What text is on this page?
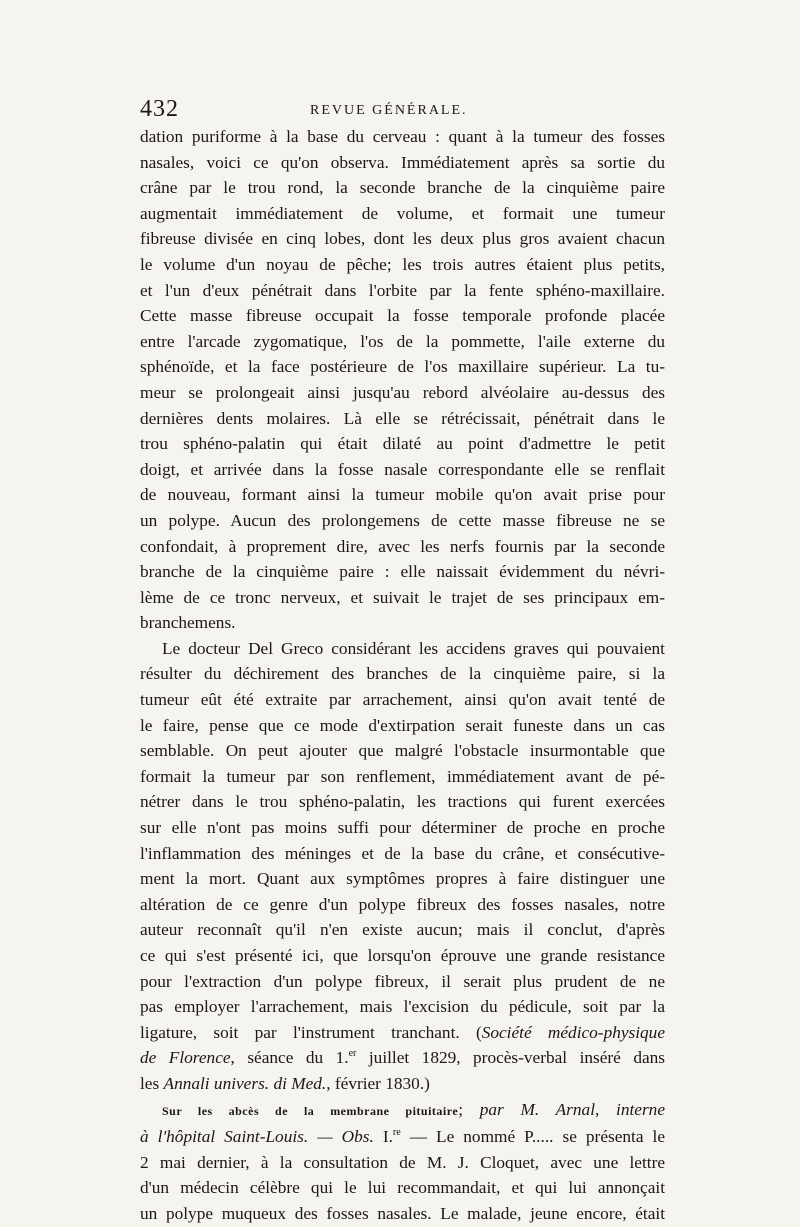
432	REVUE GÉNÉRALE.
dation puriforme à la base du cerveau : quant à la tumeur des fosses
nasales, voici ce qu'on observa. Immédiatement après sa sortie du
crâne par le trou rond, la seconde branche de la cinquième paire
augmentait immédiatement de volume, et formait une tumeur
fibreuse divisée en cinq lobes, dont les deux plus gros avaient chacun
le volume d'un noyau de pêche; les trois autres étaient plus petits,
et l'un d'eux pénétrait dans l'orbite par la fente sphéno-maxillaire.
Cette masse fibreuse occupait la fosse temporale profonde placée
entre l'arcade zygomatique, l'os de la pommette, l'aile externe du
sphénoïde, et la face postérieure de l'os maxillaire supérieur. La tu-
meur se prolongeait ainsi jusqu'au rebord alvéolaire au-dessus des
dernières dents molaires. Là elle se rétrécissait, pénétrait dans le
trou sphéno-palatin qui était dilaté au point d'admettre le petit
doigt, et arrivée dans la fosse nasale correspondante elle se renflait
de nouveau, formant ainsi la tumeur mobile qu'on avait prise pour
un polype. Aucun des prolongemens de cette masse fibreuse ne se
confondait, à proprement dire, avec les nerfs fournis par la seconde
branche de la cinquième paire : elle naissait évidemment du névri-
lème de ce tronc nerveux, et suivait le trajet de ses principaux em-
branchemens.
Le docteur Del Greco considérant les accidens graves qui pouvaient
résulter du déchirement des branches de la cinquième paire, si la
tumeur eût été extraite par arrachement, ainsi qu'on avait tenté de
le faire, pense que ce mode d'extirpation serait funeste dans un cas
semblable. On peut ajouter que malgré l'obstacle insurmontable que
formait la tumeur par son renflement, immédiatement avant de pé-
nétrer dans le trou sphéno-palatin, les tractions qui furent exercées
sur elle n'ont pas moins suffi pour déterminer de proche en proche
l'inflammation des méninges et de la base du crâne, et consécutive-
ment la mort. Quant aux symptômes propres à faire distinguer une
altération de ce genre d'un polype fibreux des fosses nasales, notre
auteur reconnaît qu'il n'en existe aucun; mais il conclut, d'après
ce qui s'est présenté ici, que lorsqu'on éprouve une grande resistance
pour l'extraction d'un polype fibreux, il serait plus prudent de ne
pas employer l'arrachement, mais l'excision du pédicule, soit par la
ligature, soit par l'instrument tranchant. (Société médico-physique
de Florence, séance du 1.$^{er}$ juillet 1829, procès-verbal inséré dans
les Annali univers. di Med., février 1830.)
Sur les abcès de la membrane pituitaire; par M. Arnal, interne
à l'hôpital Saint-Louis. — Obs. I.$^{re}$ — Le nommé P..... se présenta le
2 mai dernier, à la consultation de M. J. Cloquet, avec une lettre
d'un médecin célèbre qui le lui recommandait, et qui lui annonçait
un polype muqueux des fosses nasales. Le malade, jeune encore, était
